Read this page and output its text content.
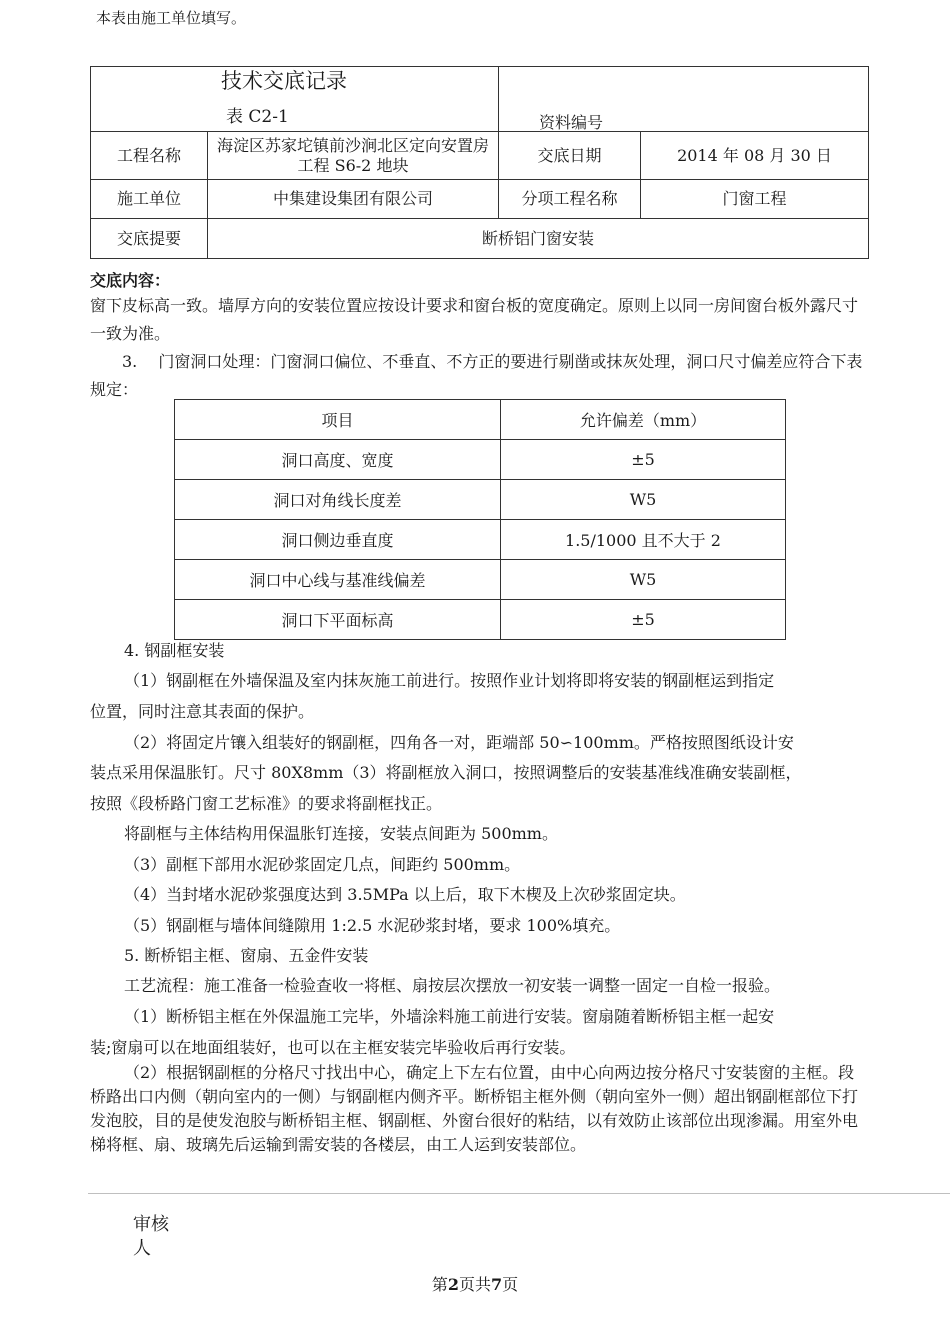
本表由施工单位填写。
技术交底记录
表 C2-1		资料编号	

工程名称	海淀区苏家坨镇前沙涧北区定向安置房工程 S6-2 地块	交底日期	2014 年 08 月 30 日
施工单位	中集建设集团有限公司	分项工程名称	门窗工程
交底提要	断桥铝门窗安装		
交底内容：
窗下皮标高一致。墙厚方向的安装位置应按设计要求和窗台板的宽度确定。原则上以同一房间窗台板外露尺寸一致为准。
3.　 门窗洞口处理：门窗洞口偏位、不垂直、不方正的要进行剔凿或抹灰处理，洞口尺寸偏差应符合下表规定：
项目	允许偏差（mm）
洞口高度、宽度	±5
洞口对角线长度差	W5
洞口侧边垂直度	1.5/1000 且不大于 2
洞口中心线与基准线偏差	W5
洞口下平面标高	±5
4. 钢副框安装
（1）钢副框在外墙保温及室内抹灰施工前进行。按照作业计划将即将安装的钢副框运到指定
位置，同时注意其表面的保护。
（2）将固定片镶入组装好的钢副框，四角各一对，距端部 50∽100mm。严格按照图纸设计安
装点采用保温胀钉。尺寸 80X8mm（3）将副框放入洞口，按照调整后的安装基准线准确安装副框，
按照《段桥路门窗工艺标准》的要求将副框找正。
将副框与主体结构用保温胀钉连接，安装点间距为 500mm。
（3）副框下部用水泥砂浆固定几点，间距约 500mm。
（4）当封堵水泥砂浆强度达到 3.5MPa 以上后，取下木楔及上次砂浆固定块。
（5）钢副框与墙体间缝隙用 1:2.5 水泥砂浆封堵，要求 100%填充。
5. 断桥铝主框、窗扇、五金件安装
工艺流程：施工准备一检验查收一将框、扇按层次摆放一初安装一调整一固定一自检一报验。
（1）断桥铝主框在外保温施工完毕，外墙涂料施工前进行安装。窗扇随着断桥铝主框一起安
装;窗扇可以在地面组装好，也可以在主框安装完毕验收后再行安装。
（2）根据钢副框的分格尺寸找出中心，确定上下左右位置，由中心向两边按分格尺寸安装窗的主框。段桥路出口内侧（朝向室内的一侧）与钢副框内侧齐平。断桥铝主框外侧（朝向室外一侧）超出钢副框部位下打发泡胶，目的是使发泡胶与断桥铝主框、钢副框、外窗台很好的粘结，以有效防止该部位出现渗漏。用室外电梯将框、扇、玻璃先后运输到需安装的各楼层，由工人运到安装部位。
审核人
第2页共7页
